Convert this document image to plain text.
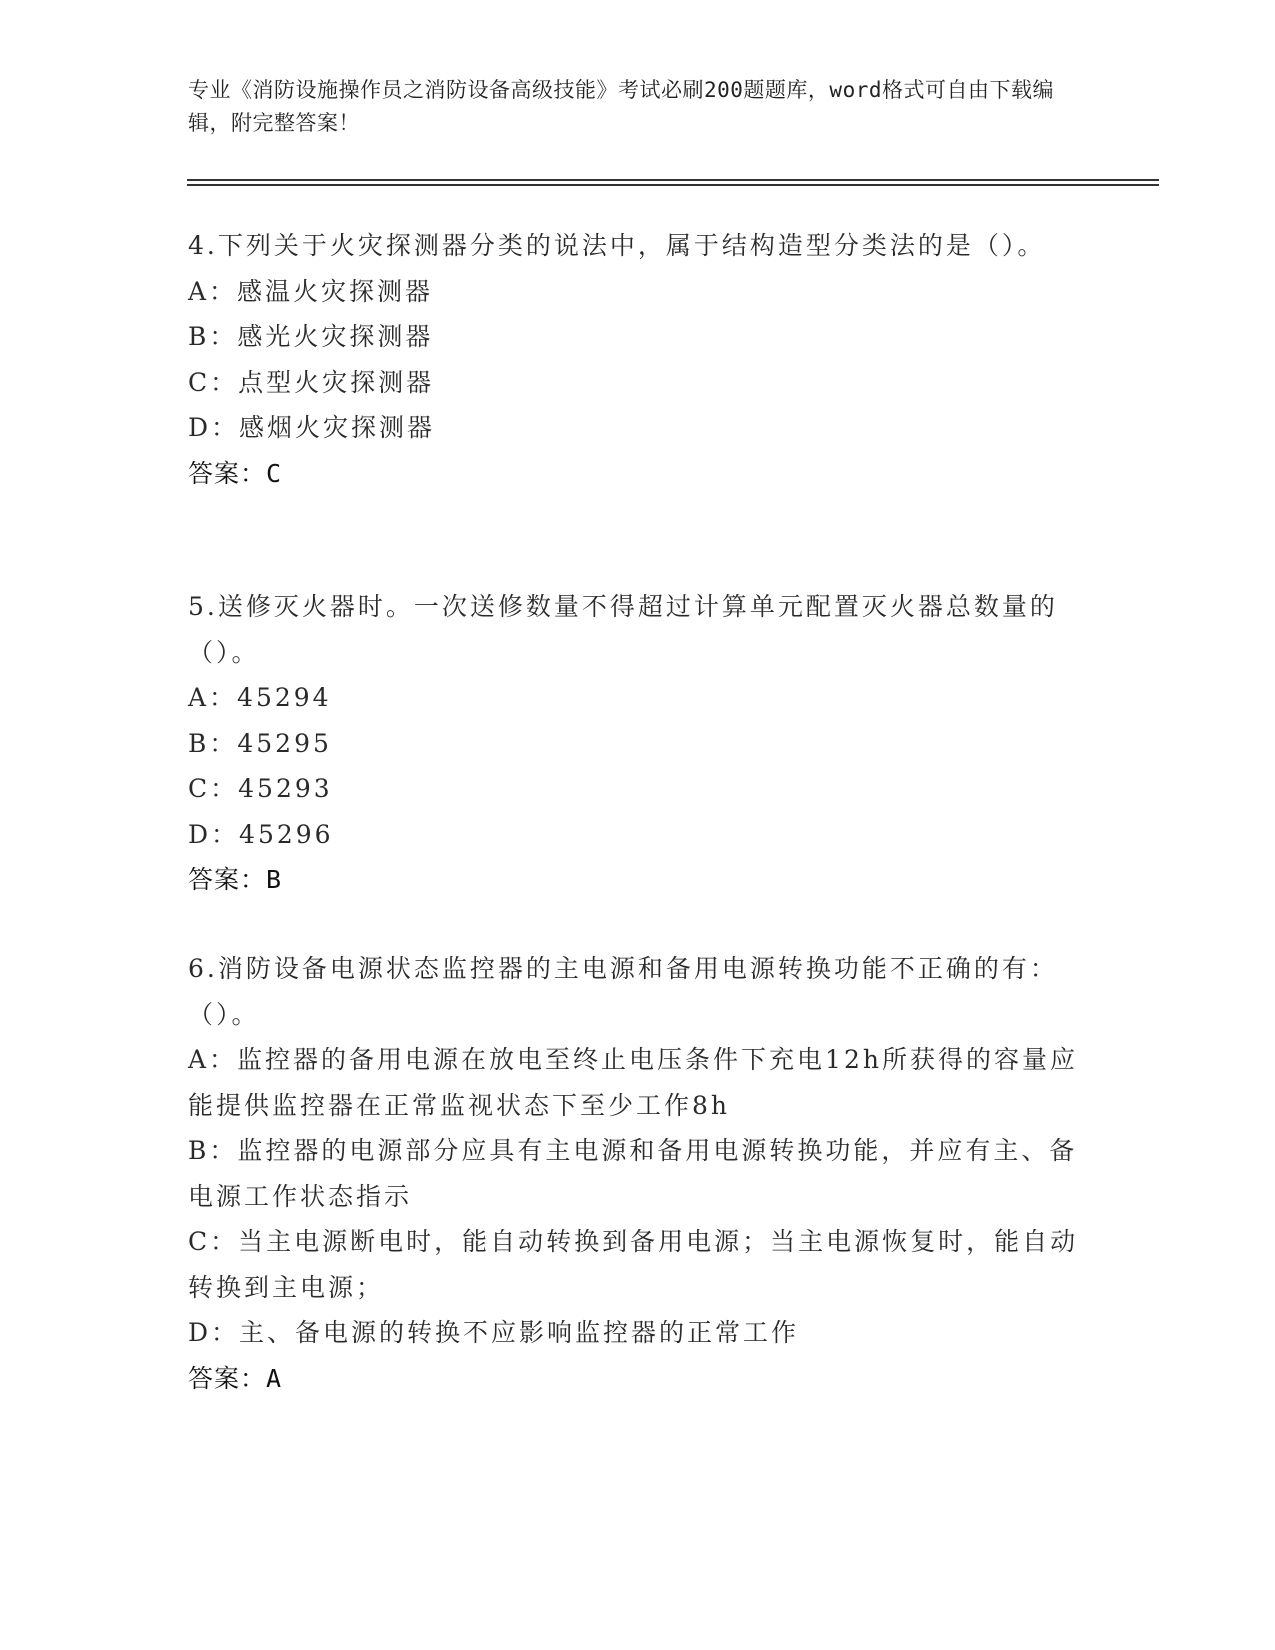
专业《消防设施操作员之消防设备高级技能》考试必刷200题题库，word格式可自由下载编辑，附完整答案！

4.下列关于火灾探测器分类的说法中，属于结构造型分类法的是（）。

A：感温火灾探测器

B：感光火灾探测器

C：点型火灾探测器

D：感烟火灾探测器

答案：C

5.送修灭火器时。一次送修数量不得超过计算单元配置灭火器总数量的（）。

A：45294

B：45295

C：45293

D：45296

答案：B

6.消防设备电源状态监控器的主电源和备用电源转换功能不正确的有：（）。

A：监控器的备用电源在放电至终止电压条件下充电12h所获得的容量应能提供监控器在正常监视状态下至少工作8h

B：监控器的电源部分应具有主电源和备用电源转换功能，并应有主、备电源工作状态指示

C：当主电源断电时，能自动转换到备用电源；当主电源恢复时，能自动转换到主电源；

D：主、备电源的转换不应影响监控器的正常工作

答案：A
